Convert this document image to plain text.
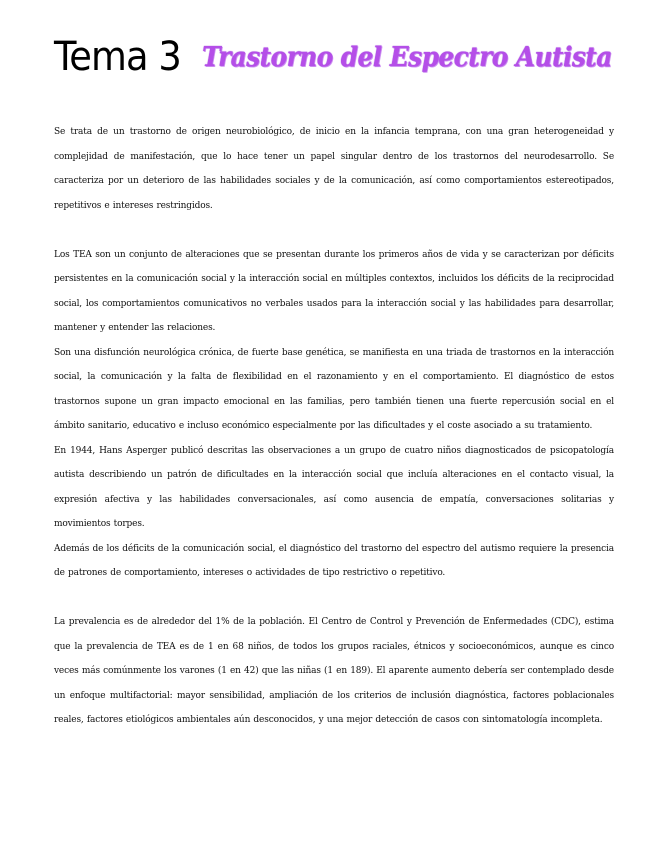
Tema 3 Trastorno del Espectro Autista

Se trata de un trastorno de origen neurobiológico, de inicio en la infancia temprana, con una gran heterogeneidad y complejidad de manifestación, que lo hace tener un papel singular dentro de los trastornos del neurodesarrollo. Se caracteriza por un deterioro de las habilidades sociales y de la comunicación, así como comportamientos estereotipados, repetitivos e intereses restringidos.

Los TEA son un conjunto de alteraciones que se presentan durante los primeros años de vida y se caracterizan por déficits persistentes en la comunicación social y la interacción social en múltiples contextos, incluidos los déficits de la reciprocidad social, los comportamientos comunicativos no verbales usados para la interacción social y las habilidades para desarrollar, mantener y entender las relaciones.

Son una disfunción neurológica crónica, de fuerte base genética, se manifiesta en una triada de trastornos en la interacción social, la comunicación y la falta de flexibilidad en el razonamiento y en el comportamiento. El diagnóstico de estos trastornos supone un gran impacto emocional en las familias, pero también tienen una fuerte repercusión social en el ámbito sanitario, educativo e incluso económico especialmente por las dificultades y el coste asociado a su tratamiento.

En 1944, Hans Asperger publicó descritas las observaciones a un grupo de cuatro niños diagnosticados de psicopatología autista describiendo un patrón de dificultades en la interacción social que incluía alteraciones en el contacto visual, la expresión afectiva y las habilidades conversacionales, así como ausencia de empatía, conversaciones solitarias y movimientos torpes.

Además de los déficits de la comunicación social, el diagnóstico del trastorno del espectro del autismo requiere la presencia de patrones de comportamiento, intereses o actividades de tipo restrictivo o repetitivo.

La prevalencia es de alrededor del 1% de la población. El Centro de Control y Prevención de Enfermedades (CDC), estima que la prevalencia de TEA es de 1 en 68 niños, de todos los grupos raciales, étnicos y socioeconómicos, aunque es cinco veces más comúnmente los varones (1 en 42) que las niñas (1 en 189). El aparente aumento debería ser contemplado desde un enfoque multifactorial: mayor sensibilidad, ampliación de los criterios de inclusión diagnóstica, factores poblacionales reales, factores etiológicos ambientales aún desconocidos, y una mejor detección de casos con sintomatología incompleta.
